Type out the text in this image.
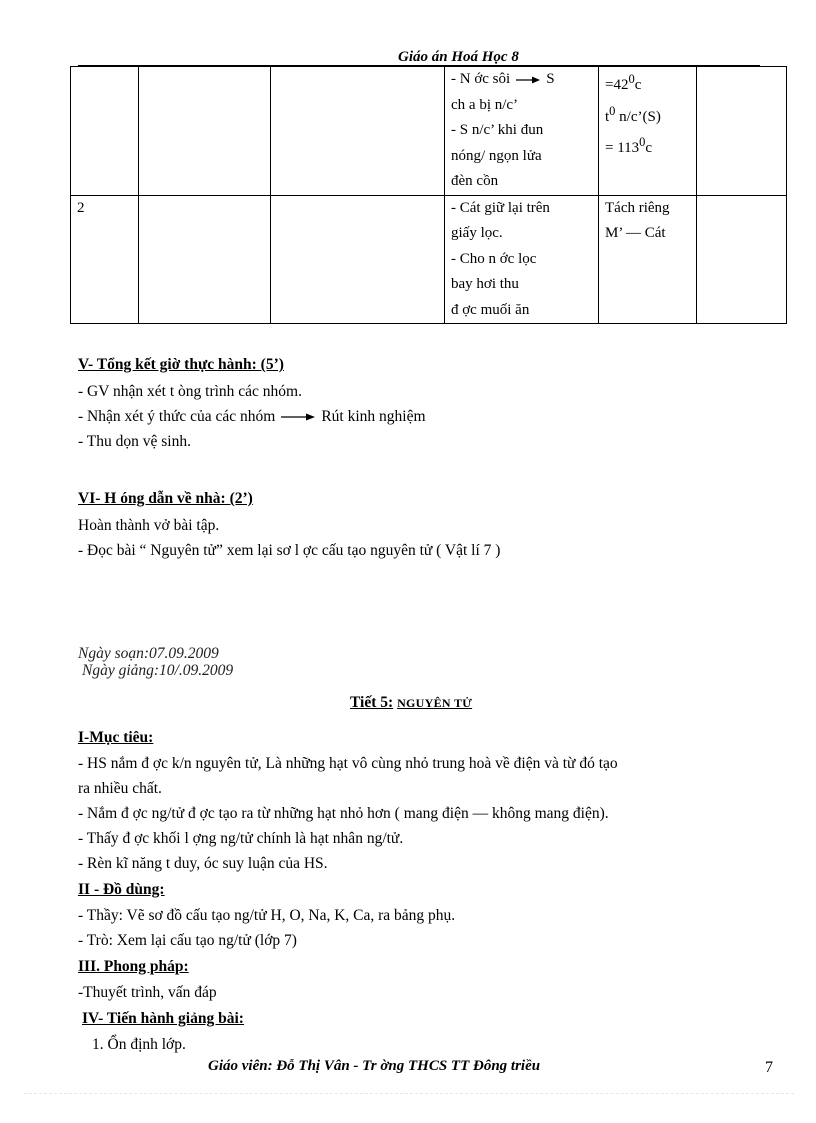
Giáo án Hoá Học 8

			- N ớc sôi S
ch a bị n/c’
- S n/c’ khi đun
nóng/ ngọn lửa
đèn cồn	$=42^0c$
$t^0$ n/c’(S)
= $113^0c$	

2			- Cát giữ lại trên
giấy lọc.
- Cho n ớc lọc
bay hơi thu
đ ợc muối ăn	Tách riêng
M’ — Cát	

V- Tổng kết giờ thực hành: (5’)
- GV nhận xét t òng trình các nhóm.
- Nhận xét ý thức của các nhóm	Rút kinh nghiệm
- Thu dọn vệ sinh.
VI- H óng dẫn về nhà: (2’)
Hoàn thành vở bài tập.
- Đọc bài “ Nguyên tử” xem lại sơ l ợc cấu tạo nguyên tử ( Vật lí 7 )
Ngày soạn:07.09.2009
Ngày giảng:10/.09.2009
Tiết 5: NGUYÊN TỬ
I-Mục tiêu:
- HS nắm đ ợc k/n nguyên tử, Là những hạt vô cùng nhỏ trung hoà về điện và từ đó tạo
ra nhiều chất.
- Nắm đ ợc ng/tử đ ợc tạo ra từ những hạt nhỏ hơn ( mang điện — không mang điện).
- Thấy đ ợc khối l ợng ng/tử chính là hạt nhân ng/tử.
- Rèn kĩ năng t duy, óc suy luận của HS.
II - Đồ dùng:
- Thầy: Vẽ sơ đồ cấu tạo ng/tử H, O, Na, K, Ca, ra bảng phụ.
- Trò: Xem lại cấu tạo ng/tử (lớp 7)
III. Phong pháp:
-Thuyết trình, vấn đáp
IV- Tiến hành giảng bài:
1. Ổn định lớp.
Giáo viên: Đỗ Thị Vân - Tr ờng THCS TT Đông triều	7
